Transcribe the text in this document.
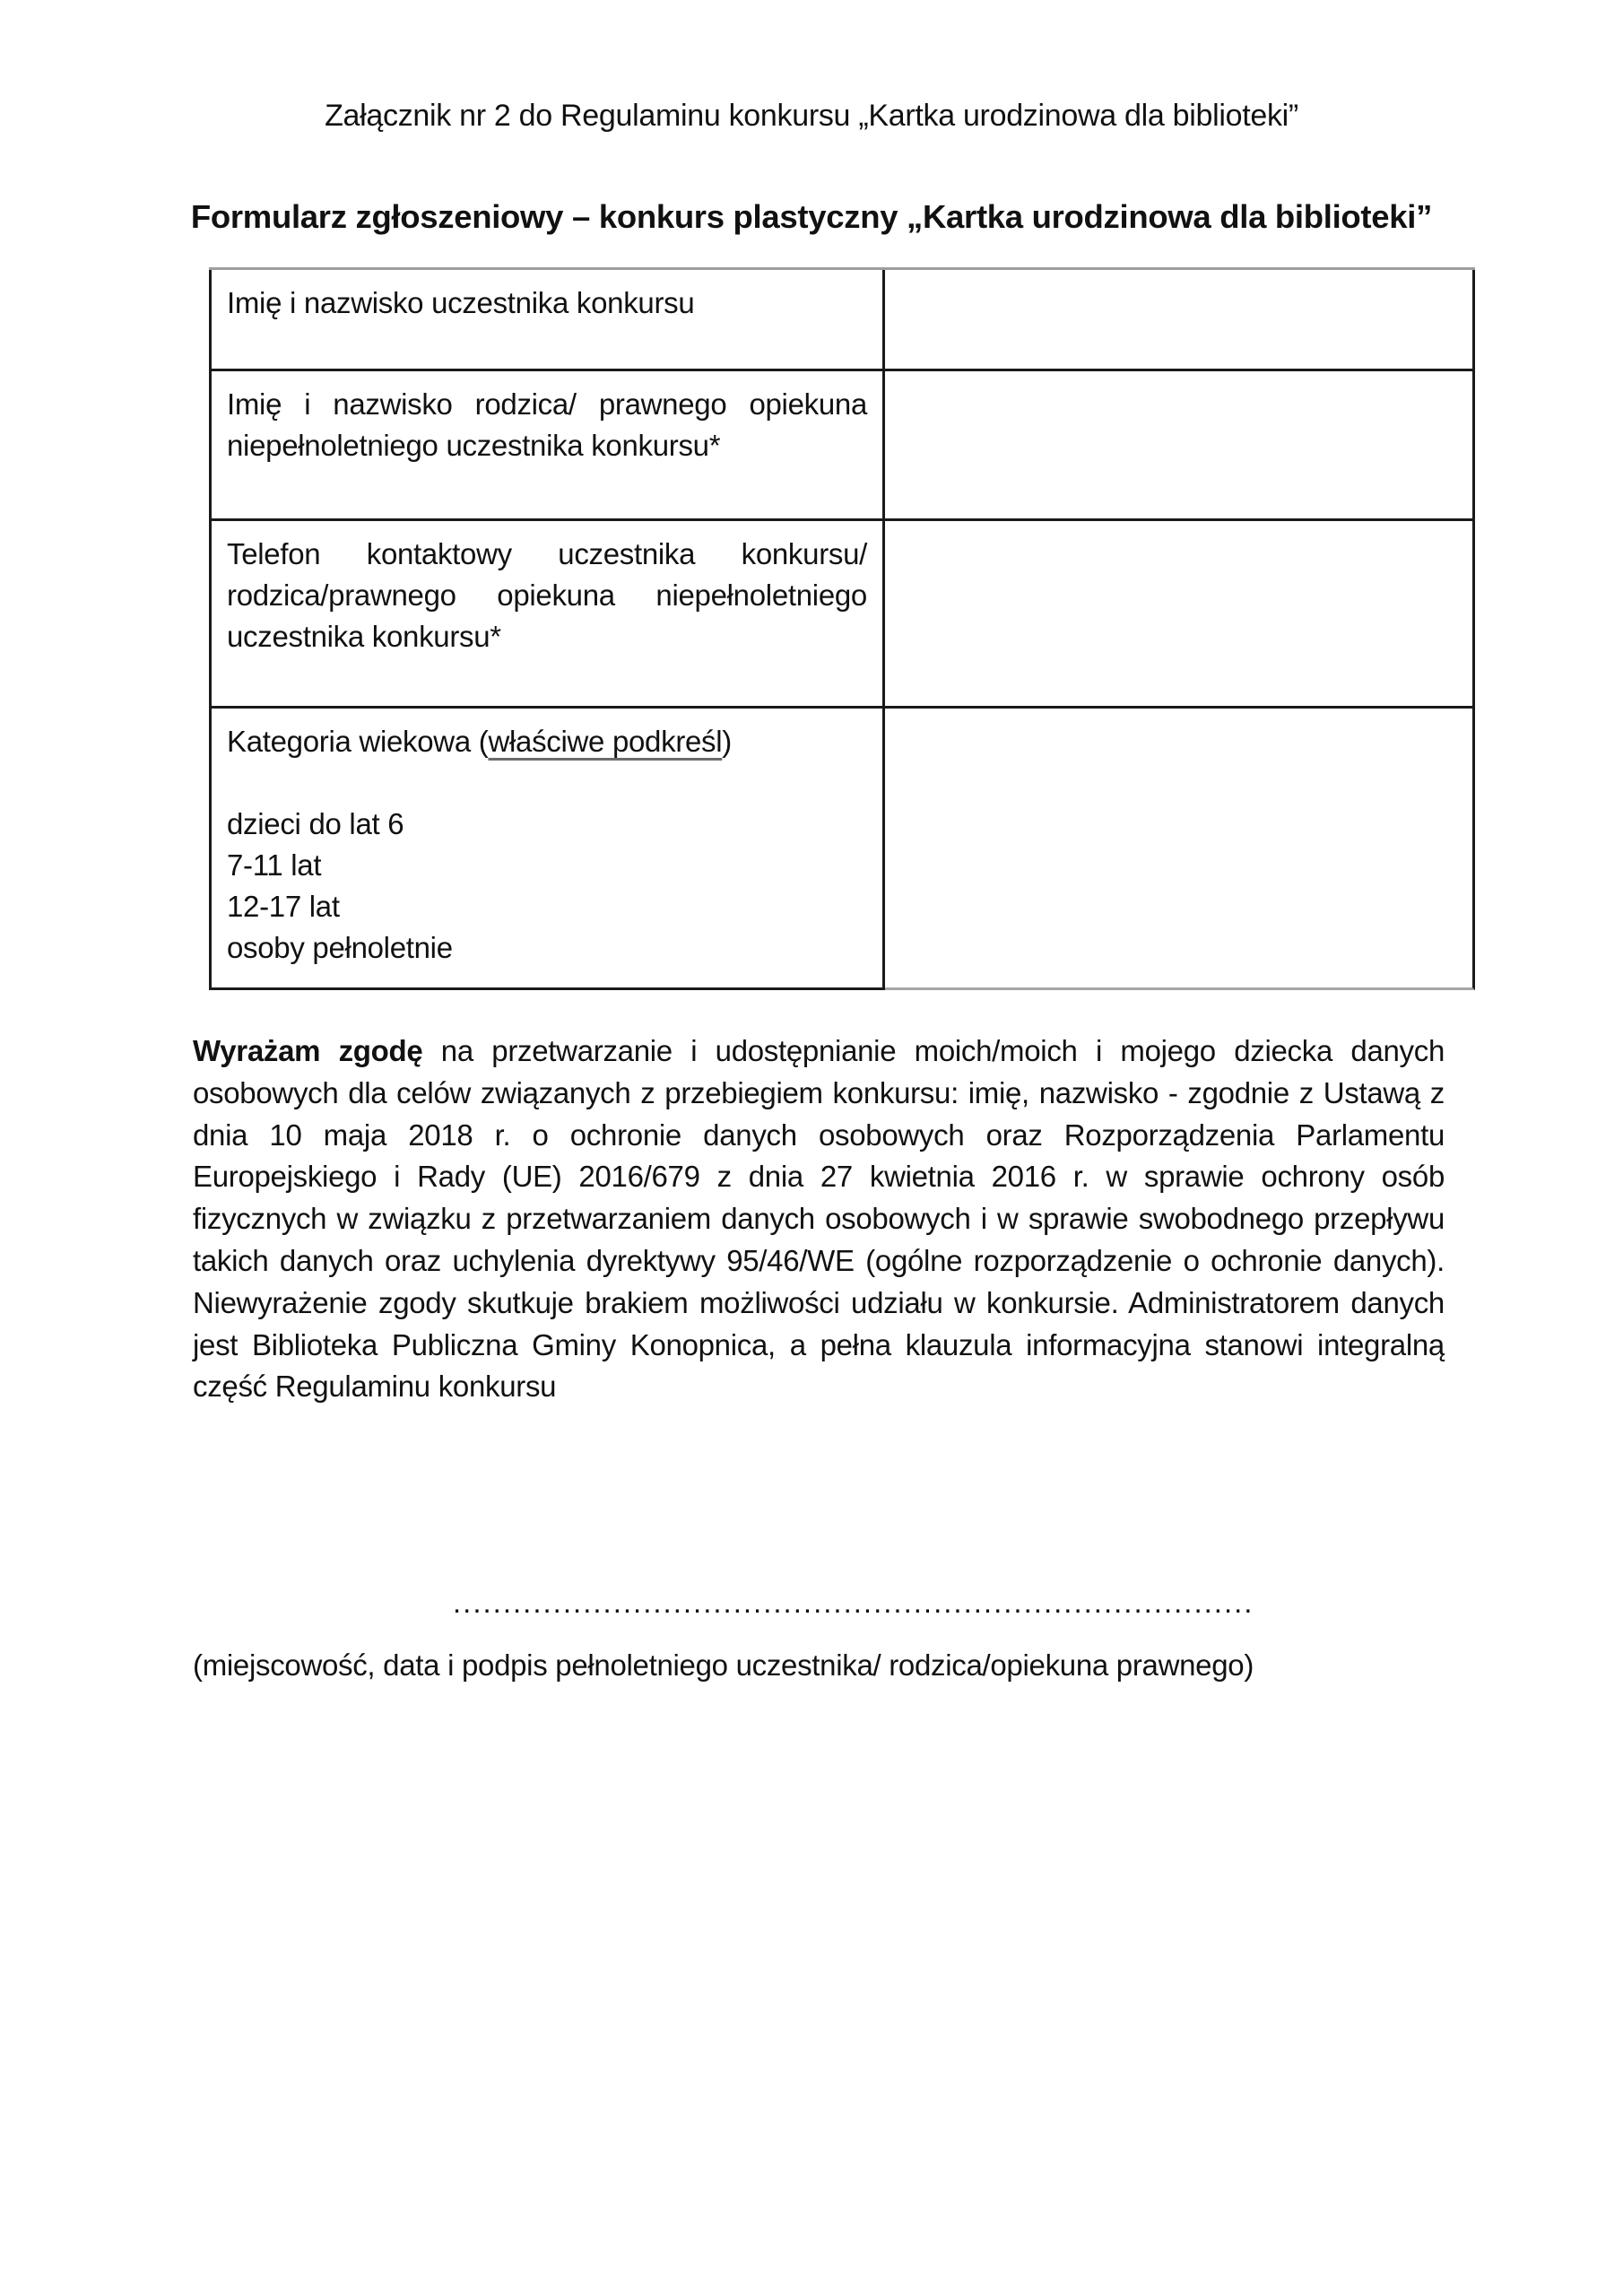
Załącznik nr 2 do Regulaminu konkursu „Kartka urodzinowa dla biblioteki”
Formularz zgłoszeniowy – konkurs plastyczny „Kartka urodzinowa dla biblioteki”
Imię i nazwisko uczestnika konkursu
Imię i nazwisko rodzica/ prawnego opiekuna niepełnoletniego uczestnika konkursu*
Telefon kontaktowy uczestnika konkursu/ rodzica/prawnego opiekuna niepełnoletniego uczestnika konkursu*
Kategoria wiekowa (właściwe podkreśl)
dzieci do lat 6
7-11 lat
12-17 lat
osoby pełnoletnie

Wyrażam zgodę na przetwarzanie i udostępnianie moich/moich i mojego dziecka danych osobowych dla celów związanych z przebiegiem konkursu: imię, nazwisko - zgodnie z Ustawą z dnia 10 maja 2018 r. o ochronie danych osobowych oraz Rozporządzenia Parlamentu Europejskiego i Rady (UE) 2016/679 z dnia 27 kwietnia 2016 r. w sprawie ochrony osób fizycznych w związku z przetwarzaniem danych osobowych i w sprawie swobodnego przepływu takich danych oraz uchylenia dyrektywy 95/46/WE (ogólne rozporządzenie o ochronie danych). Niewyrażenie zgody skutkuje brakiem możliwości udziału w konkursie. Administratorem danych jest Biblioteka Publiczna Gminy Konopnica, a pełna klauzula informacyjna stanowi integralną część Regulaminu konkursu

................................................................................
(miejscowość, data i podpis pełnoletniego uczestnika/ rodzica/opiekuna prawnego)
